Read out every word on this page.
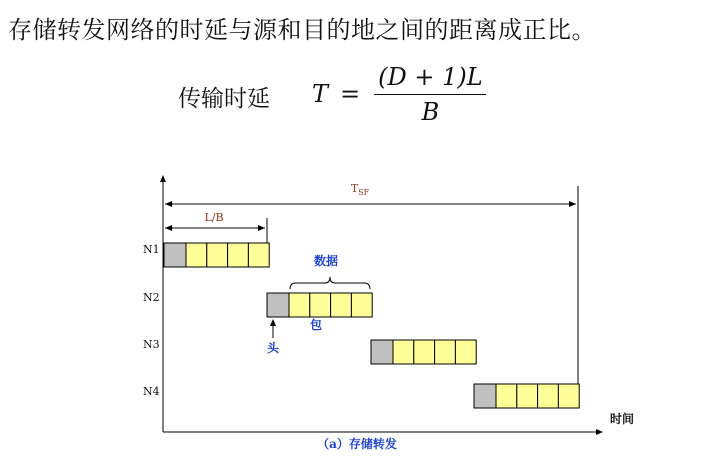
存储转发网络的时延与源和目的地之间的距离成正比。
传输时延 $T = \frac{(D + 1)L}{B}$
$T_{SF}$
L/B
N1
N2
N3
N4
数据
包
头
时间
（a）存储转发
